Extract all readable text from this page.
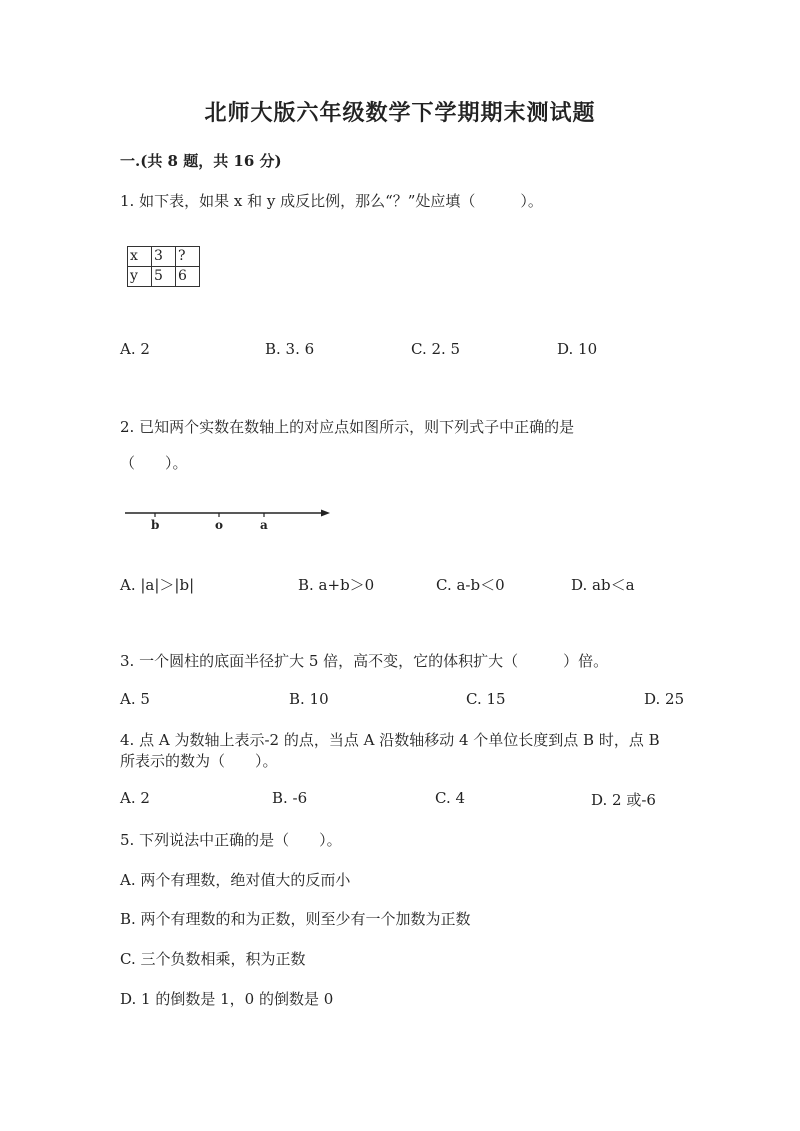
北师大版六年级数学下学期期末测试题
一.(共 8 题，共 16 分)
1. 如下表，如果 x 和 y 成反比例，那么“？”处应填（　　　）。
x	3	?
y	5	6
A. 2	B. 3. 6	C. 2. 5	D. 10
2. 已知两个实数在数轴上的对应点如图所示，则下列式子中正确的是
（　　）。
b	o	a
A. |a|＞|b|	B. a+b＞0	C. a-b＜0	D. ab＜a
3. 一个圆柱的底面半径扩大 5 倍，高不变，它的体积扩大（　　　）倍。
A. 5	B. 10	C. 15	D. 25
4. 点 A 为数轴上表示-2 的点，当点 A 沿数轴移动 4 个单位长度到点 B 时，点 B
所表示的数为（　　）。
A. 2	B. -6	C. 4	D. 2 或-6
5. 下列说法中正确的是（　　）。
A. 两个有理数，绝对值大的反而小
B. 两个有理数的和为正数，则至少有一个加数为正数
C. 三个负数相乘，积为正数
D. 1 的倒数是 1，0 的倒数是 0
